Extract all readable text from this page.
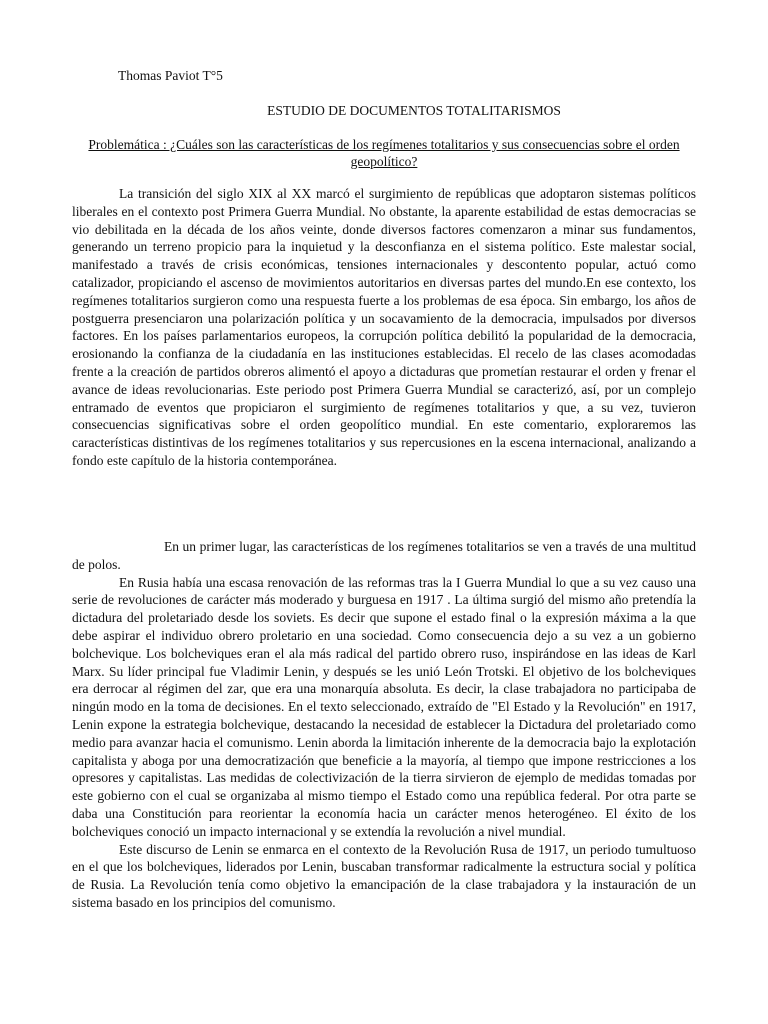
Thomas Paviot T°5
ESTUDIO DE DOCUMENTOS TOTALITARISMOS
Problemática : ¿Cuáles son las características de los regímenes totalitarios y sus consecuencias sobre el orden geopolítico?

La transición del siglo XIX al XX marcó el surgimiento de repúblicas que adoptaron sistemas políticos liberales en el contexto post Primera Guerra Mundial. No obstante, la aparente estabilidad de estas democracias se vio debilitada en la década de los años veinte, donde diversos factores comenzaron a minar sus fundamentos, generando un terreno propicio para la inquietud y la desconfianza en el sistema político. Este malestar social, manifestado a través de crisis económicas, tensiones internacionales y descontento popular, actuó como catalizador, propiciando el ascenso de movimientos autoritarios en diversas partes del mundo.En ese contexto, los regímenes totalitarios surgieron como una respuesta fuerte a los problemas de esa época. Sin embargo, los años de postguerra presenciaron una polarización política y un socavamiento de la democracia, impulsados por diversos factores. En los países parlamentarios europeos, la corrupción política debilitó la popularidad de la democracia, erosionando la confianza de la ciudadanía en las instituciones establecidas. El recelo de las clases acomodadas frente a la creación de partidos obreros alimentó el apoyo a dictaduras que prometían restaurar el orden y frenar el avance de ideas revolucionarias. Este periodo post Primera Guerra Mundial se caracterizó, así, por un complejo entramado de eventos que propiciaron el surgimiento de regímenes totalitarios y que, a su vez, tuvieron consecuencias significativas sobre el orden geopolítico mundial. En este comentario, exploraremos las características distintivas de los regímenes totalitarios y sus repercusiones en la escena internacional, analizando a fondo este capítulo de la historia contemporánea.

En un primer lugar, las características de los regímenes totalitarios se ven a través de una multitud de polos.

En Rusia había una escasa renovación de las reformas tras la I Guerra Mundial lo que a su vez causo una serie de revoluciones de carácter más moderado y burguesa en 1917 . La última surgió del mismo año pretendía la dictadura del proletariado desde los soviets. Es decir que supone el estado final o la expresión máxima a la que debe aspirar el individuo obrero proletario en una sociedad. Como consecuencia dejo a su vez a un gobierno bolchevique. Los bolcheviques eran el ala más radical del partido obrero ruso, inspirándose en las ideas de Karl Marx. Su líder principal fue Vladimir Lenin, y después se les unió León Trotski. El objetivo de los bolcheviques era derrocar al régimen del zar, que era una monarquía absoluta. Es decir, la clase trabajadora no participaba de ningún modo en la toma de decisiones. En el texto seleccionado, extraído de "El Estado y la Revolución" en 1917, Lenin expone la estrategia bolchevique, destacando la necesidad de establecer la Dictadura del proletariado como medio para avanzar hacia el comunismo. Lenin aborda la limitación inherente de la democracia bajo la explotación capitalista y aboga por una democratización que beneficie a la mayoría, al tiempo que impone restricciones a los opresores y capitalistas. Las medidas de colectivización de la tierra sirvieron de ejemplo de medidas tomadas por este gobierno con el cual se organizaba al mismo tiempo el Estado como una república federal. Por otra parte se daba una Constitución para reorientar la economía hacia un carácter menos heterogéneo. El éxito de los bolcheviques conoció un impacto internacional y se extendía la revolución a nivel mundial.

Este discurso de Lenin se enmarca en el contexto de la Revolución Rusa de 1917, un periodo tumultuoso en el que los bolcheviques, liderados por Lenin, buscaban transformar radicalmente la estructura social y política de Rusia. La Revolución tenía como objetivo la emancipación de la clase trabajadora y la instauración de un sistema basado en los principios del comunismo.
